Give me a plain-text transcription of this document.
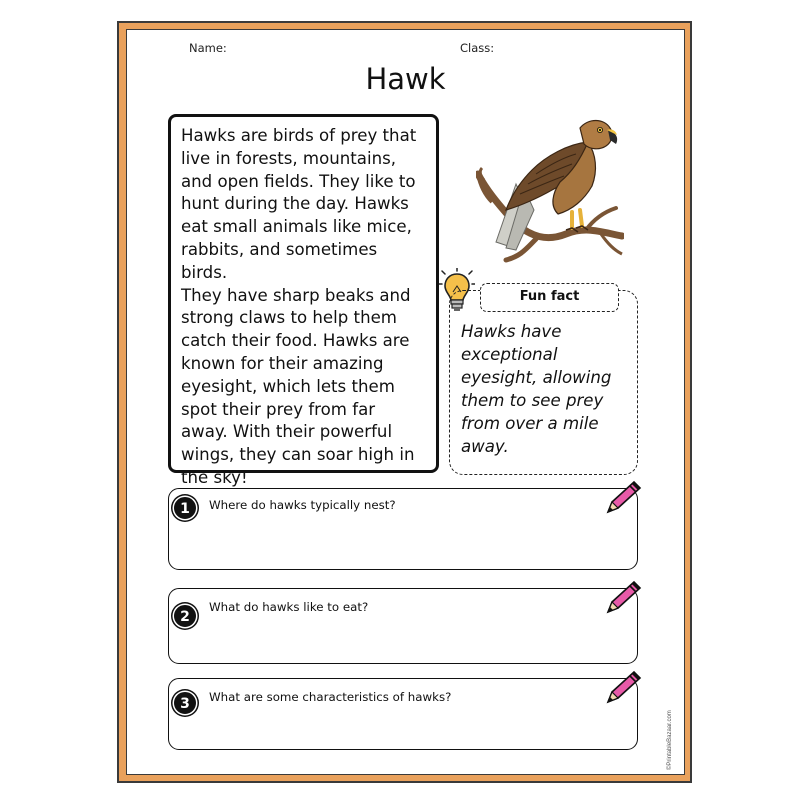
Name:	Class:
Hawk
Hawks are birds of prey that
live in forests, mountains,
and open fields. They like to
hunt during the day. Hawks
eat small animals like mice,
rabbits, and sometimes birds.
They have sharp beaks and
strong claws to help them
catch their food. Hawks are
known for their amazing
eyesight, which lets them
spot their prey from far
away. With their powerful
wings, they can soar high in
the sky!
Fun fact
Hawks have
exceptional
eyesight, allowing
them to see prey
from over a mile
away.
1	Where do hawks typically nest?
2
What do hawks like to eat?
3	What are some characteristics of hawks?
©PrintableBazaar.com
